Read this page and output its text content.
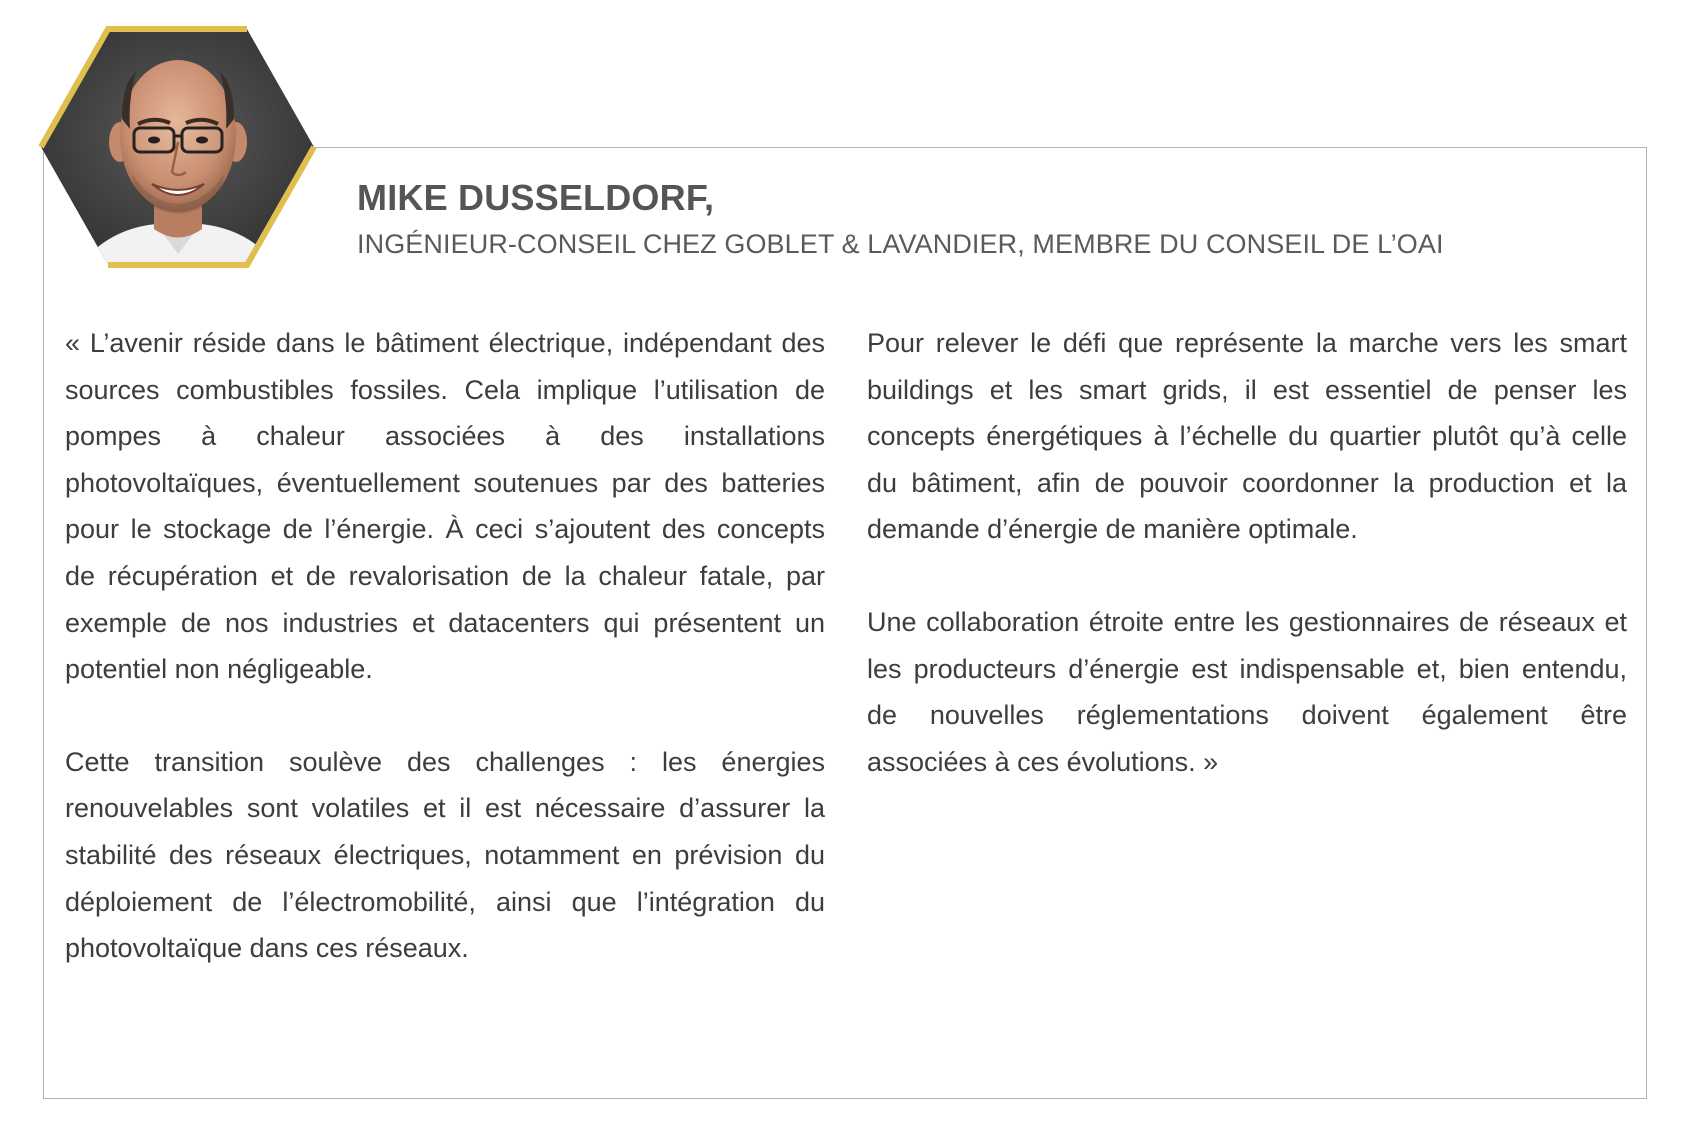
MIKE DUSSELDORF,

INGÉNIEUR-CONSEIL CHEZ GOBLET & LAVANDIER, MEMBRE DU CONSEIL DE L’OAI

« L’avenir réside dans le bâtiment électrique, indépendant des sources combustibles fossiles. Cela implique l’utilisation de pompes à chaleur associées à des installations photovoltaïques, éventuellement soutenues par des batteries pour le stockage de l’énergie. À ceci s’ajoutent des concepts de récupération et de revalorisation de la chaleur fatale, par exemple de nos industries et datacenters qui présentent un potentiel non négligeable.

Cette transition soulève des challenges : les énergies renouvelables sont volatiles et il est nécessaire d’assurer la stabilité des réseaux électriques, notamment en prévision du déploiement de l’électromobilité, ainsi que l’intégration du photovoltaïque dans ces réseaux.

Pour relever le défi que représente la marche vers les smart buildings et les smart grids, il est essentiel de penser les concepts énergétiques à l’échelle du quartier plutôt qu’à celle du bâtiment, afin de pouvoir coordonner la production et la demande d’énergie de manière optimale.

Une collaboration étroite entre les gestionnaires de réseaux et les producteurs d’énergie est indispensable et, bien entendu, de nouvelles réglementations doivent également être associées à ces évolutions. »
